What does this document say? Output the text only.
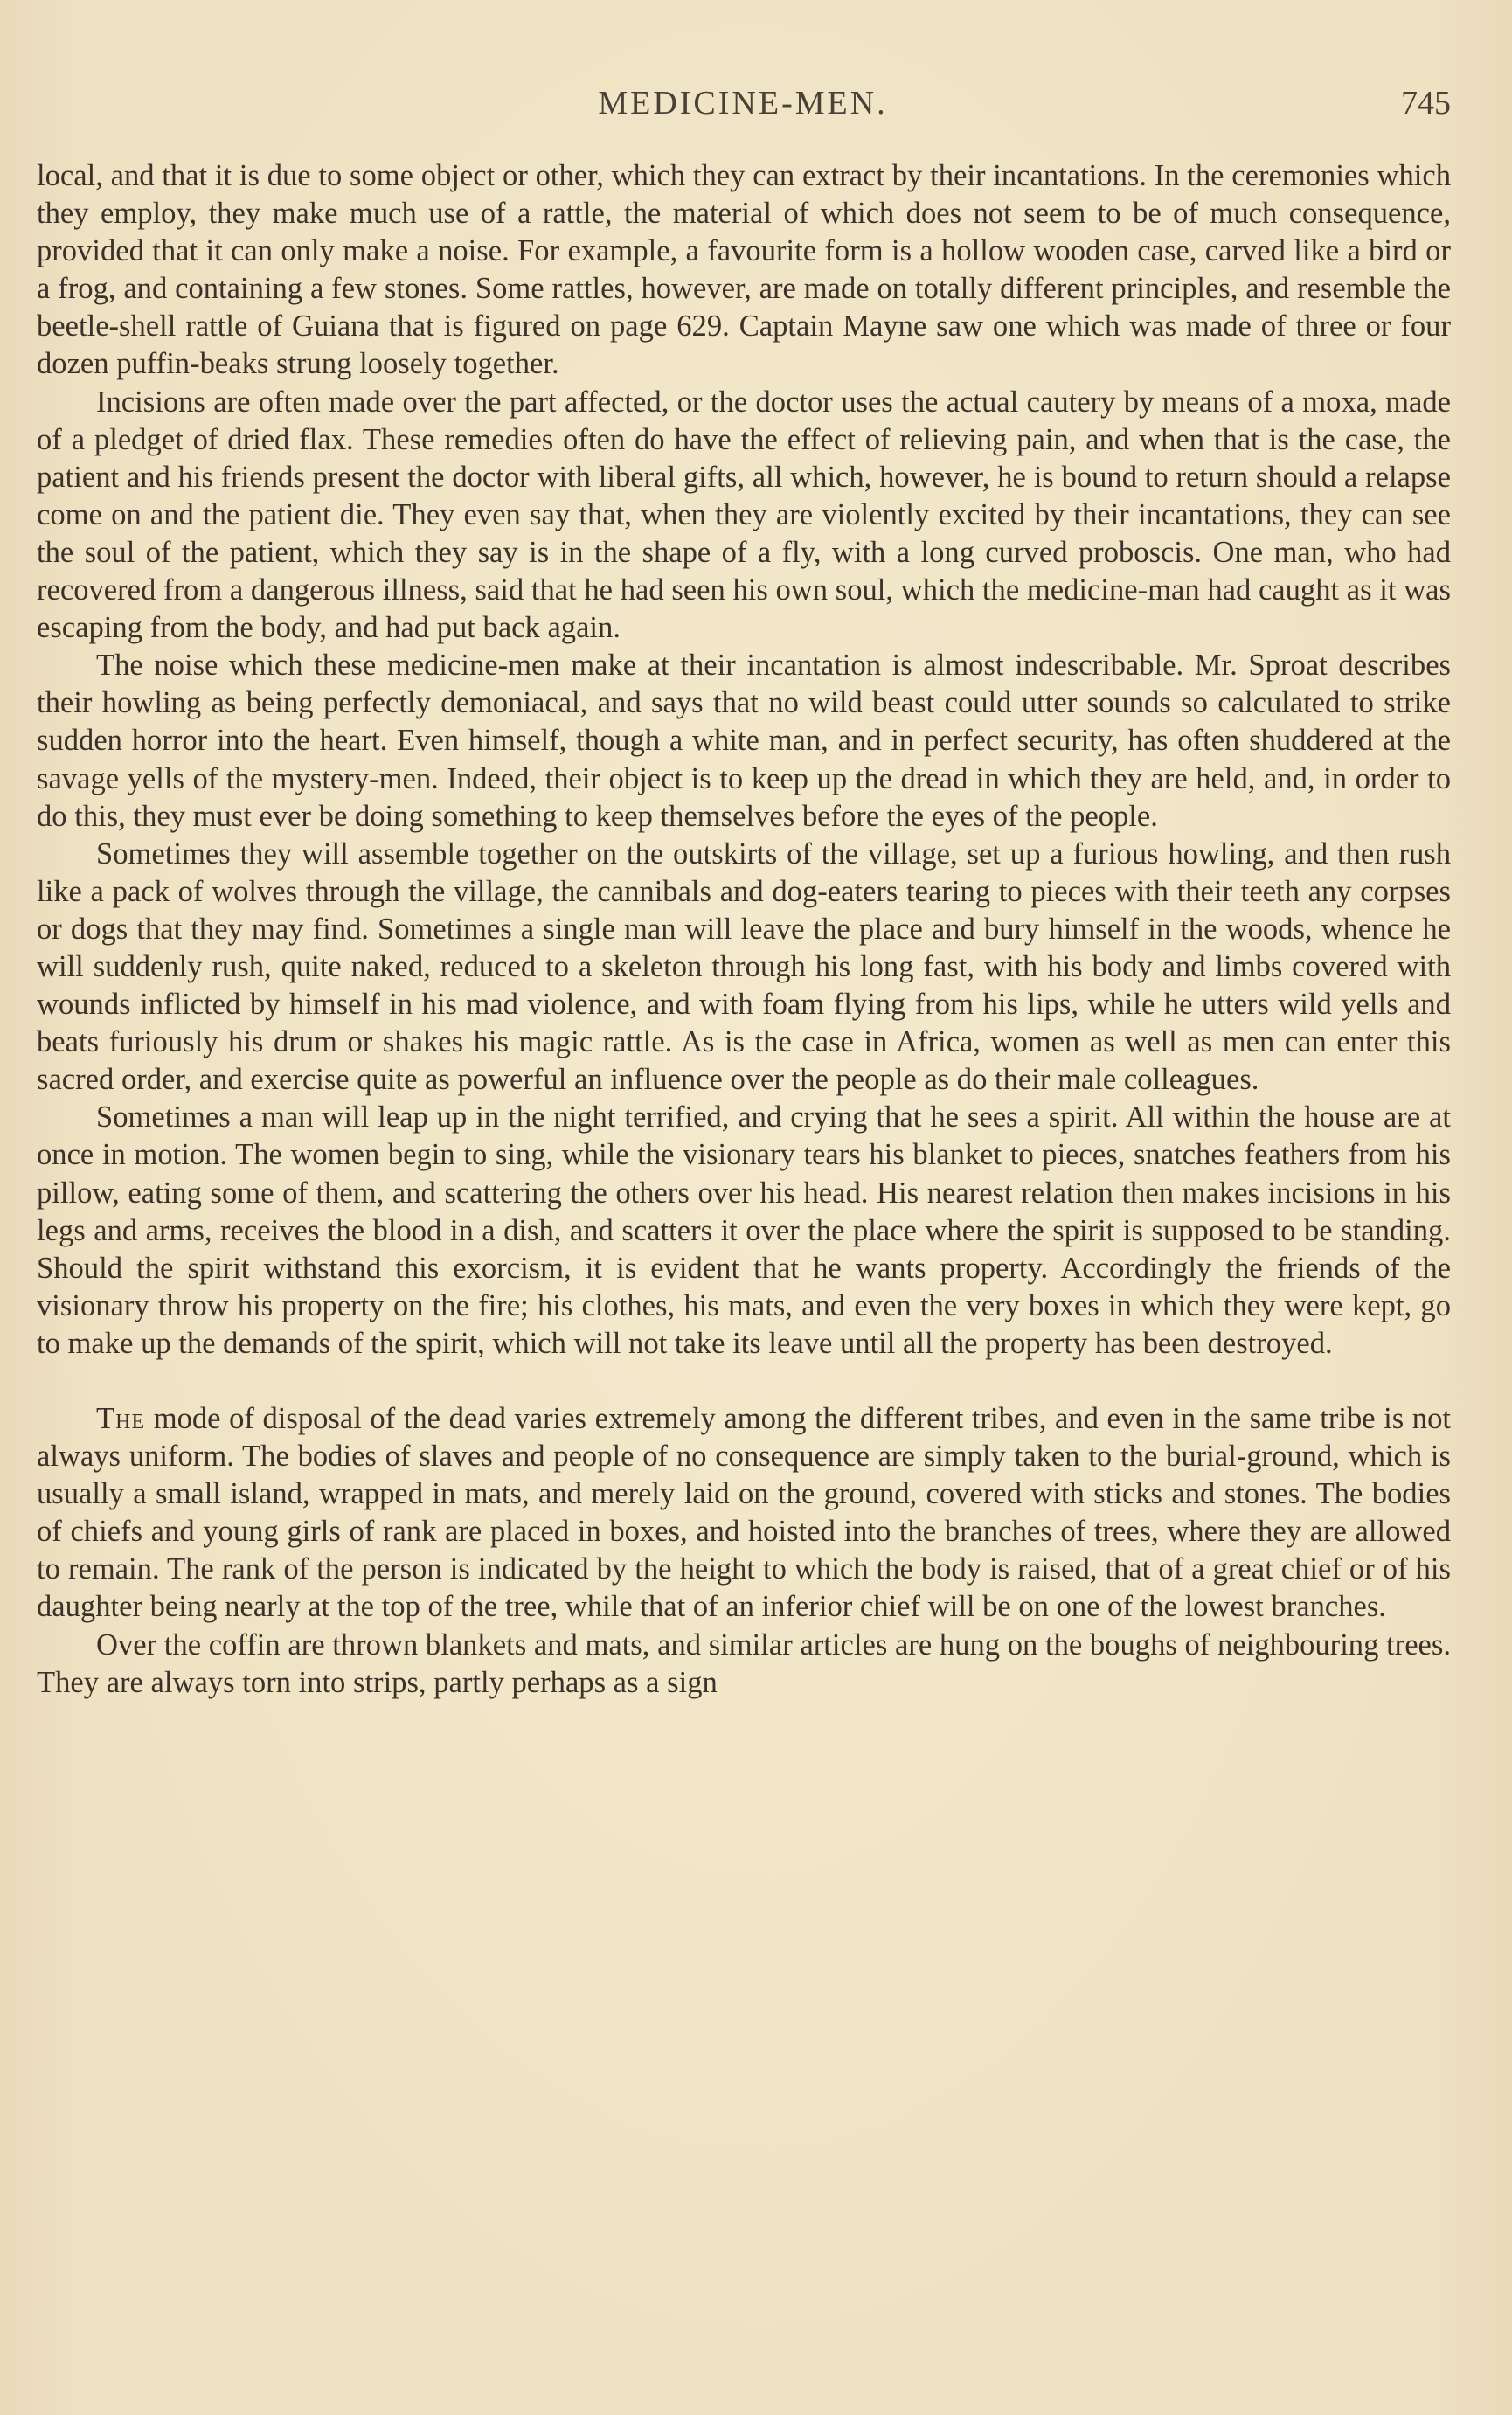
MEDICINE-MEN.	745

local, and that it is due to some object or other, which they can extract by their incantations. In the ceremonies which they employ, they make much use of a rattle, the material of which does not seem to be of much consequence, provided that it can only make a noise. For example, a favourite form is a hollow wooden case, carved like a bird or a frog, and containing a few stones. Some rattles, however, are made on totally different principles, and resemble the beetle-shell rattle of Guiana that is figured on page 629. Captain Mayne saw one which was made of three or four dozen puffin-beaks strung loosely together.

Incisions are often made over the part affected, or the doctor uses the actual cautery by means of a moxa, made of a pledget of dried flax. These remedies often do have the effect of relieving pain, and when that is the case, the patient and his friends present the doctor with liberal gifts, all which, however, he is bound to return should a relapse come on and the patient die. They even say that, when they are violently excited by their incantations, they can see the soul of the patient, which they say is in the shape of a fly, with a long curved proboscis. One man, who had recovered from a dangerous illness, said that he had seen his own soul, which the medicine-man had caught as it was escaping from the body, and had put back again.

The noise which these medicine-men make at their incantation is almost indescribable. Mr. Sproat describes their howling as being perfectly demoniacal, and says that no wild beast could utter sounds so calculated to strike sudden horror into the heart. Even himself, though a white man, and in perfect security, has often shuddered at the savage yells of the mystery-men. Indeed, their object is to keep up the dread in which they are held, and, in order to do this, they must ever be doing something to keep themselves before the eyes of the people.

Sometimes they will assemble together on the outskirts of the village, set up a furious howling, and then rush like a pack of wolves through the village, the cannibals and dog-eaters tearing to pieces with their teeth any corpses or dogs that they may find. Sometimes a single man will leave the place and bury himself in the woods, whence he will suddenly rush, quite naked, reduced to a skeleton through his long fast, with his body and limbs covered with wounds inflicted by himself in his mad violence, and with foam flying from his lips, while he utters wild yells and beats furiously his drum or shakes his magic rattle. As is the case in Africa, women as well as men can enter this sacred order, and exercise quite as powerful an influence over the people as do their male colleagues.

Sometimes a man will leap up in the night terrified, and crying that he sees a spirit. All within the house are at once in motion. The women begin to sing, while the visionary tears his blanket to pieces, snatches feathers from his pillow, eating some of them, and scattering the others over his head. His nearest relation then makes incisions in his legs and arms, receives the blood in a dish, and scatters it over the place where the spirit is supposed to be standing. Should the spirit withstand this exorcism, it is evident that he wants property. Accordingly the friends of the visionary throw his property on the fire; his clothes, his mats, and even the very boxes in which they were kept, go to make up the demands of the spirit, which will not take its leave until all the property has been destroyed.

The mode of disposal of the dead varies extremely among the different tribes, and even in the same tribe is not always uniform. The bodies of slaves and people of no consequence are simply taken to the burial-ground, which is usually a small island, wrapped in mats, and merely laid on the ground, covered with sticks and stones. The bodies of chiefs and young girls of rank are placed in boxes, and hoisted into the branches of trees, where they are allowed to remain. The rank of the person is indicated by the height to which the body is raised, that of a great chief or of his daughter being nearly at the top of the tree, while that of an inferior chief will be on one of the lowest branches.

Over the coffin are thrown blankets and mats, and similar articles are hung on the boughs of neighbouring trees. They are always torn into strips, partly perhaps as a sign
